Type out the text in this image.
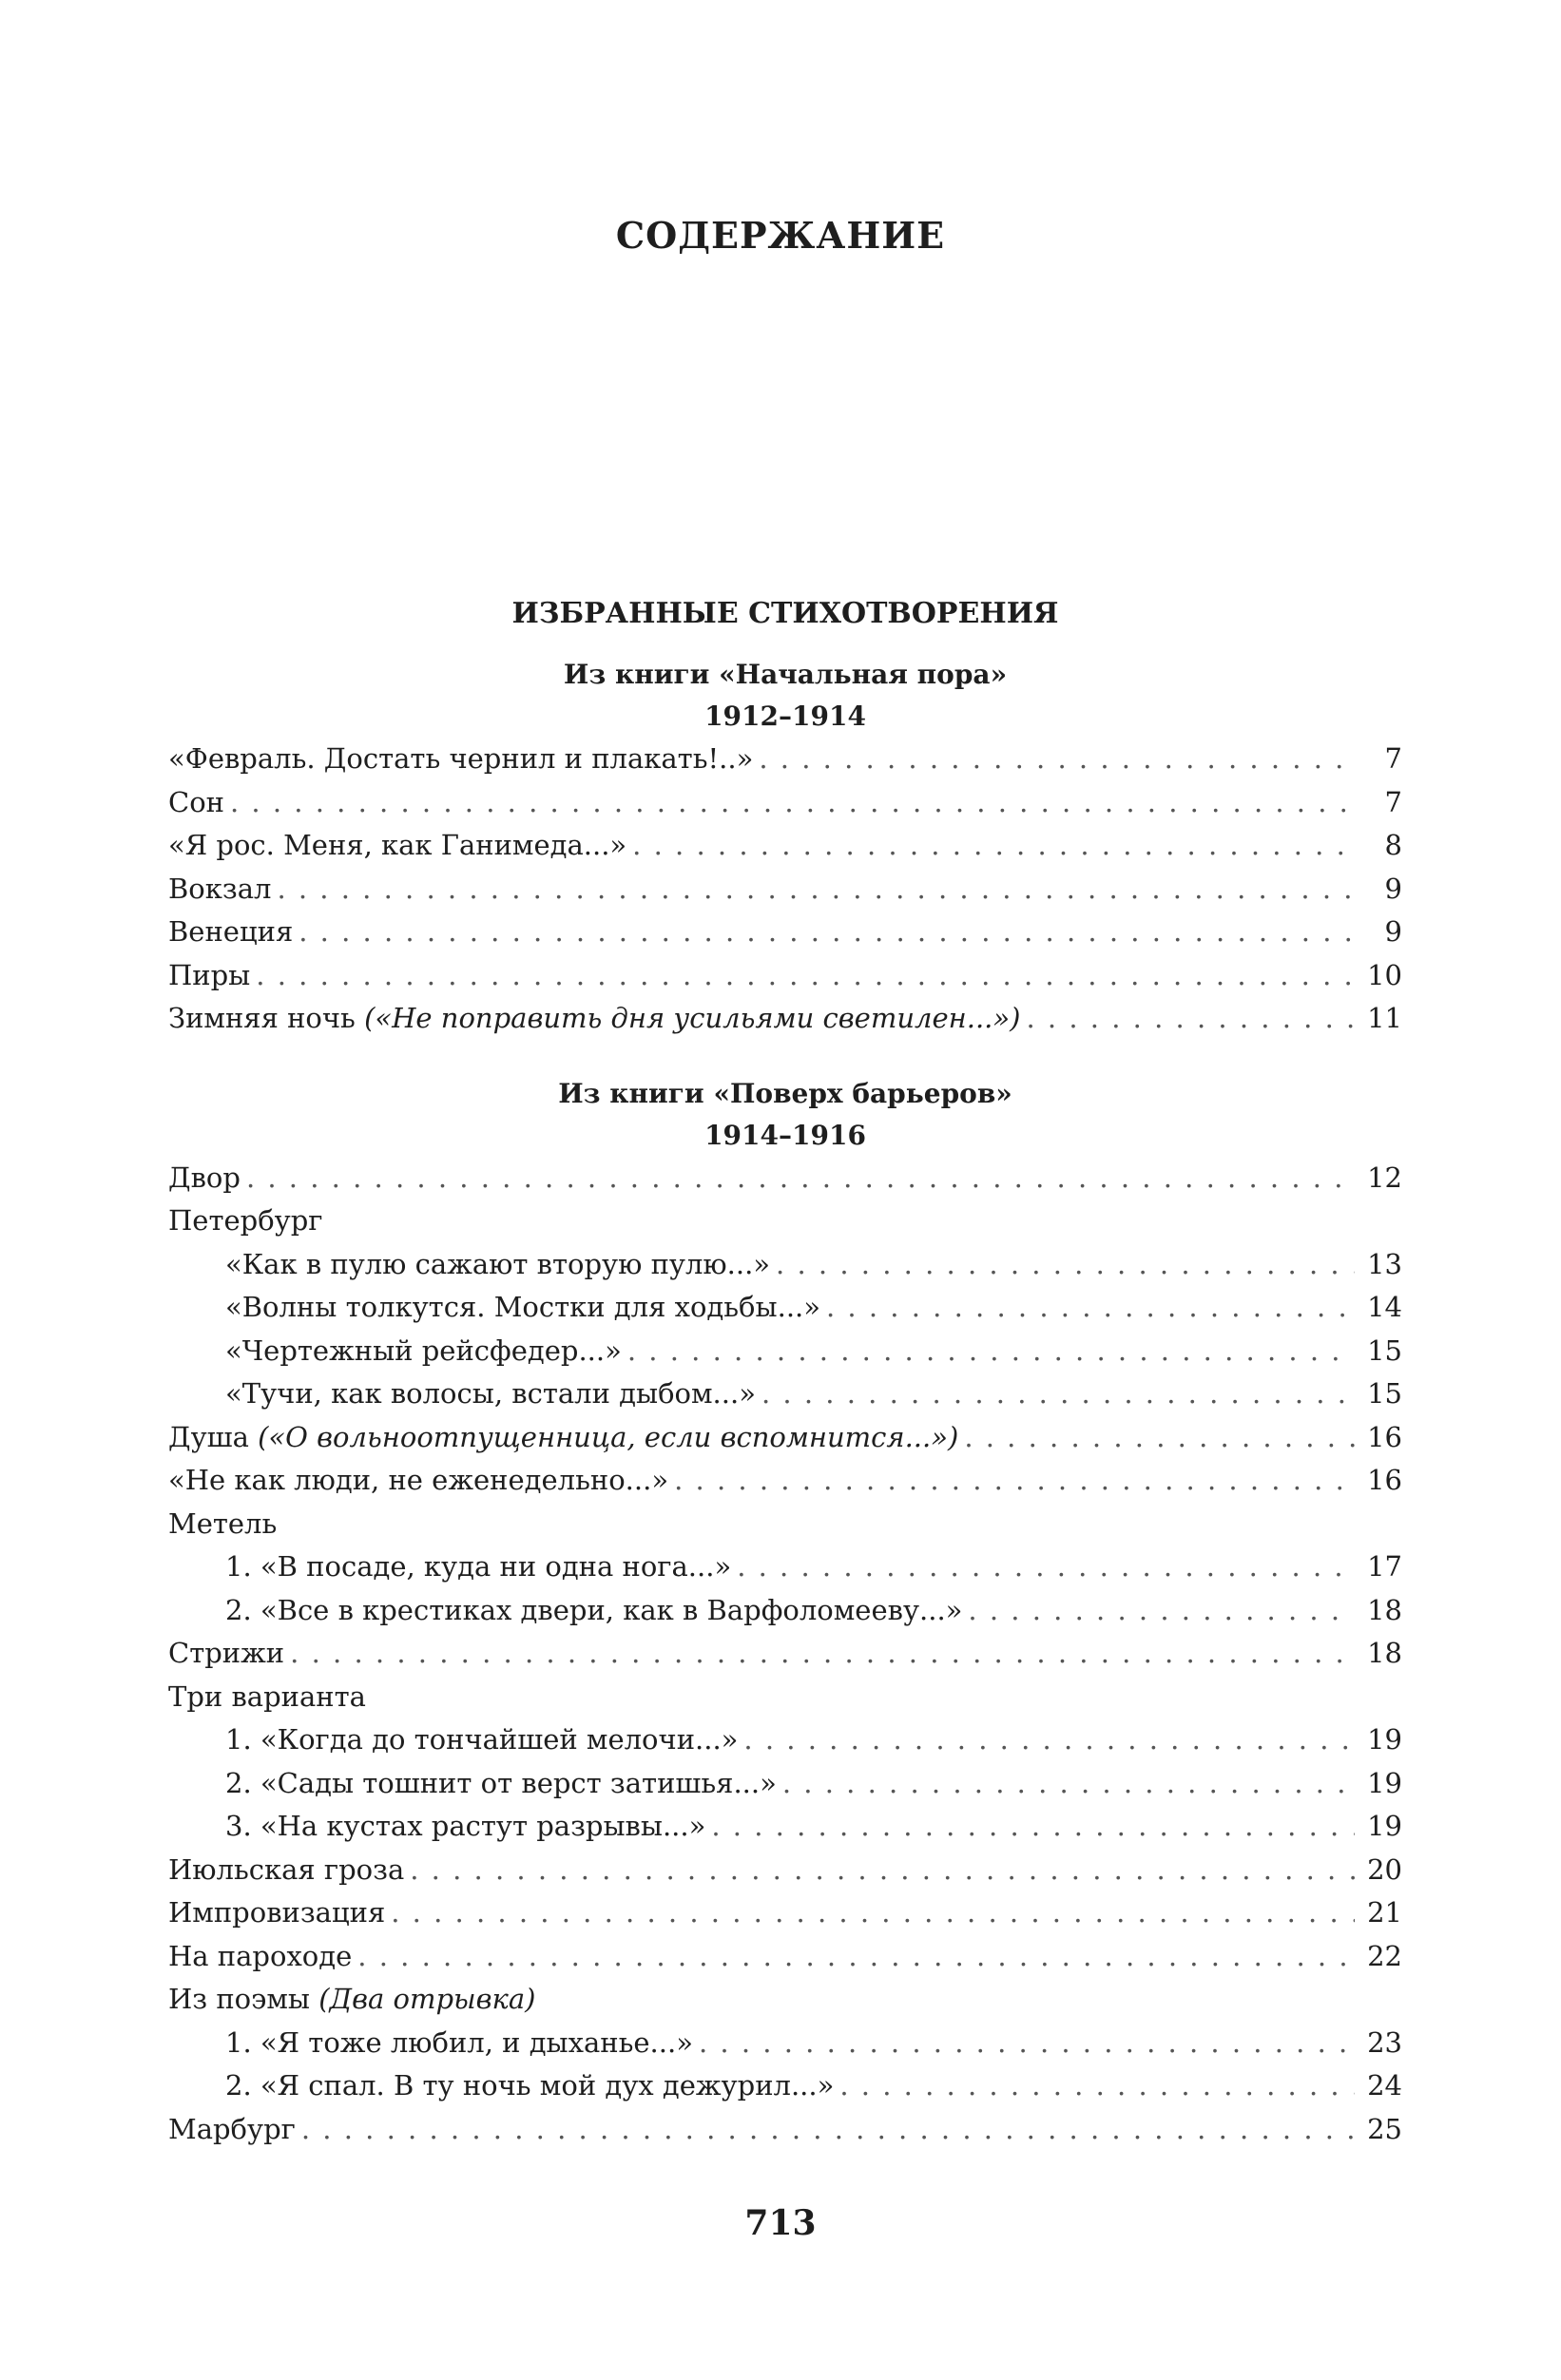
СОДЕРЖАНИЕ
ИЗБРАННЫЕ СТИХОТВОРЕНИЯ
Из книги «Начальная пора»
1912–1914
«Февраль. Достать чернил и плакать!..» . . .	7
Сон . . .	7
«Я рос. Меня, как Ганимеда...» . . .	8
Вокзал . . .	9
Венеция . . .	9
Пиры . . .	10
Зимняя ночь («Не поправить дня усильями светилен...») . . .	11
Из книги «Поверх барьеров»
1914–1916
Двор . . .	12
Петербург
«Как в пулю сажают вторую пулю...» . . .	13
«Волны толкутся. Мостки для ходьбы...» . . .	14
«Чертежный рейсфедер...» . . .	15
«Тучи, как волосы, встали дыбом...» . . .	15
Душа («О вольноотпущенница, если вспомнится...») . . .	16
«Не как люди, не еженедельно...» . . .	16
Метель
1. «В посаде, куда ни одна нога...» . . .	17
2. «Все в крестиках двери, как в Варфоломееву...» . . .	18
Стрижи . . .	18
Три варианта
1. «Когда до тончайшей мелочи...» . . .	19
2. «Сады тошнит от верст затишья...» . . .	19
3. «На кустах растут разрывы...» . . .	19
Июльская гроза . . .	20
Импровизация . . .	21
На пароходе . . .	22
Из поэмы (Два отрывка)
1. «Я тоже любил, и дыханье...» . . .	23
2. «Я спал. В ту ночь мой дух дежурил...» . . .	24
Марбург . . .	25
713
